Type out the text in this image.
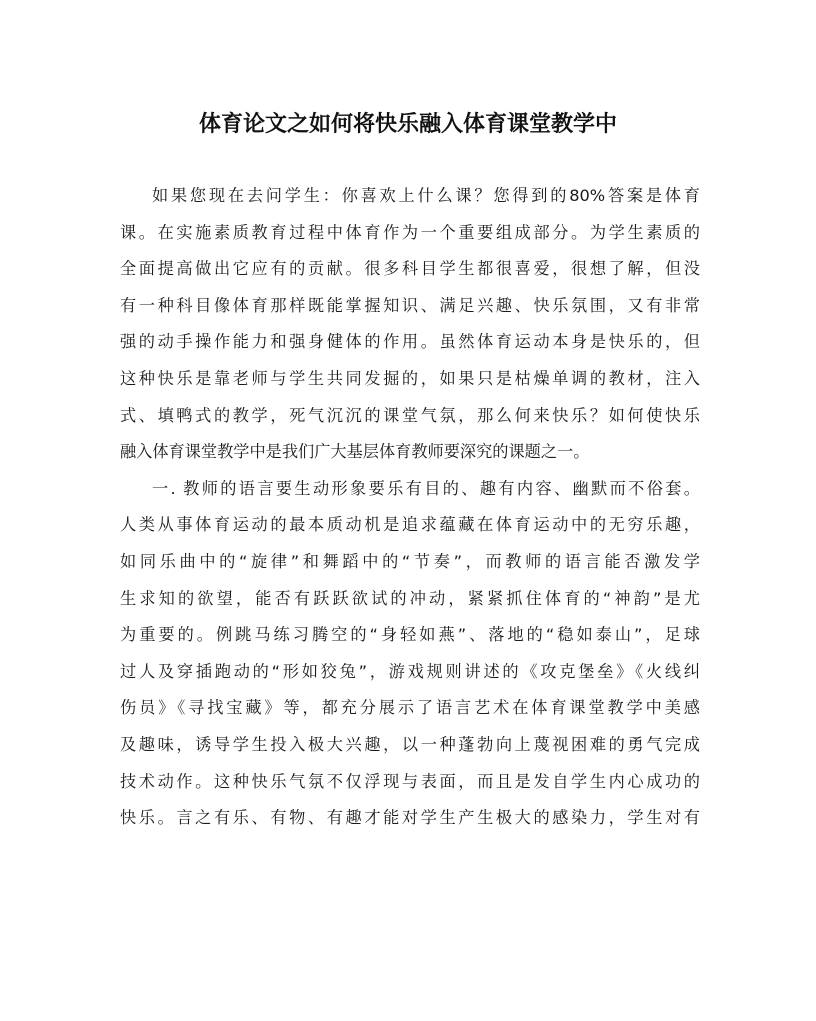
体育论文之如何将快乐融入体育课堂教学中
如果您现在去问学生：你喜欢上什么课？您得到的80%答案是体育
课。在实施素质教育过程中体育作为一个重要组成部分。为学生素质的
全面提高做出它应有的贡献。很多科目学生都很喜爱，很想了解，但没
有一种科目像体育那样既能掌握知识、满足兴趣、快乐氛围，又有非常
强的动手操作能力和强身健体的作用。虽然体育运动本身是快乐的，但
这种快乐是靠老师与学生共同发掘的，如果只是枯燥单调的教材，注入
式、填鸭式的教学，死气沉沉的课堂气氛，那么何来快乐？如何使快乐
融入体育课堂教学中是我们广大基层体育教师要深究的课题之一。
一. 教师的语言要生动形象要乐有目的、趣有内容、幽默而不俗套。
人类从事体育运动的最本质动机是追求蕴藏在体育运动中的无穷乐趣，
如同乐曲中的“旋律”和舞蹈中的“节奏”，而教师的语言能否激发学
生求知的欲望，能否有跃跃欲试的冲动，紧紧抓住体育的“神韵”是尤
为重要的。例跳马练习腾空的“身轻如燕”、落地的“稳如泰山”，足球
过人及穿插跑动的“形如狡兔”，游戏规则讲述的《攻克堡垒》《火线纠
伤员》《寻找宝藏》等，都充分展示了语言艺术在体育课堂教学中美感
及趣味，诱导学生投入极大兴趣，以一种蓬勃向上蔑视困难的勇气完成
技术动作。这种快乐气氛不仅浮现与表面，而且是发自学生内心成功的
快乐。言之有乐、有物、有趣才能对学生产生极大的感染力，学生对有
